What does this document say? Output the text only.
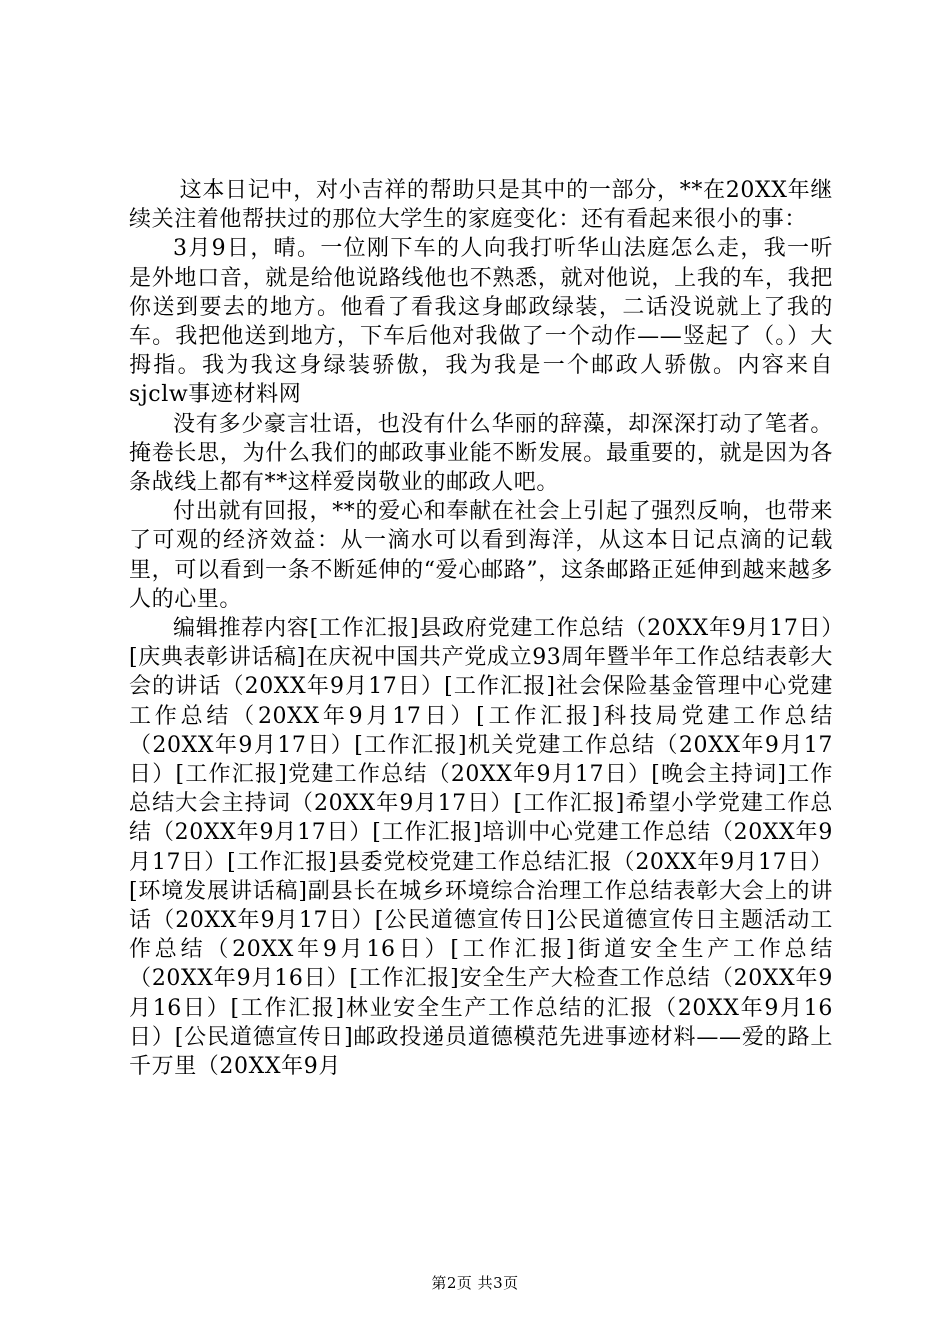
这本日记中，对小吉祥的帮助只是其中的一部分，**在20XX年继续关注着他帮扶过的那位大学生的家庭变化：还有看起来很小的事：

3月9日，晴。一位刚下车的人向我打听华山法庭怎么走，我一听是外地口音，就是给他说路线他也不熟悉，就对他说，上我的车，我把你送到要去的地方。他看了看我这身邮政绿装，二话没说就上了我的车。我把他送到地方，下车后他对我做了一个动作——竖起了（。）大拇指。我为我这身绿装骄傲，我为我是一个邮政人骄傲。内容来自sjclw事迹材料网

没有多少豪言壮语，也没有什么华丽的辞藻，却深深打动了笔者。掩卷长思，为什么我们的邮政事业能不断发展。最重要的，就是因为各条战线上都有**这样爱岗敬业的邮政人吧。

付出就有回报，**的爱心和奉献在社会上引起了强烈反响，也带来了可观的经济效益：从一滴水可以看到海洋，从这本日记点滴的记载里，可以看到一条不断延伸的“爱心邮路”，这条邮路正延伸到越来越多人的心里。

编辑推荐内容[工作汇报]县政府党建工作总结（20XX年9月17日）[庆典表彰讲话稿]在庆祝中国共产党成立93周年暨半年工作总结表彰大会的讲话（20XX年9月17日）[工作汇报]社会保险基金管理中心党建工作总结（20XX年9月17日）[工作汇报]科技局党建工作总结（20XX年9月17日）[工作汇报]机关党建工作总结（20XX年9月17日）[工作汇报]党建工作总结（20XX年9月17日）[晚会主持词]工作总结大会主持词（20XX年9月17日）[工作汇报]希望小学党建工作总结（20XX年9月17日）[工作汇报]培训中心党建工作总结（20XX年9月17日）[工作汇报]县委党校党建工作总结汇报（20XX年9月17日）[环境发展讲话稿]副县长在城乡环境综合治理工作总结表彰大会上的讲话（20XX年9月17日）[公民道德宣传日]公民道德宣传日主题活动工作总结（20XX年9月16日）[工作汇报]街道安全生产工作总结（20XX年9月16日）[工作汇报]安全生产大检查工作总结（20XX年9月16日）[工作汇报]林业安全生产工作总结的汇报（20XX年9月16日）[公民道德宣传日]邮政投递员道德模范先进事迹材料——爱的路上千万里（20XX年9月

第2页 共3页
